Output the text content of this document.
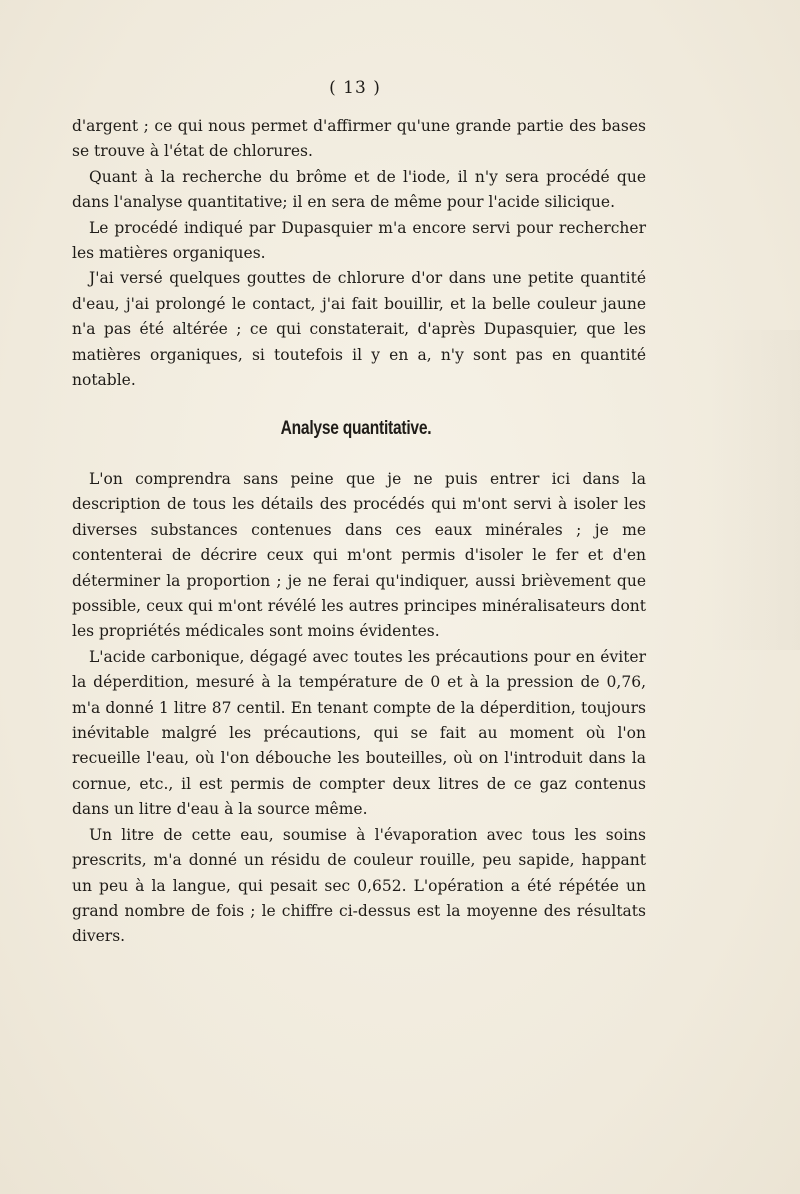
( 13 )

d'argent ; ce qui nous permet d'affirmer qu'une grande partie des bases se trouve à l'état de chlorures.

Quant à la recherche du brôme et de l'iode, il n'y sera procédé que dans l'analyse quantitative; il en sera de même pour l'acide silicique.

Le procédé indiqué par Dupasquier m'a encore servi pour rechercher les matières organiques.

J'ai versé quelques gouttes de chlorure d'or dans une petite quantité d'eau, j'ai prolongé le contact, j'ai fait bouillir, et la belle couleur jaune n'a pas été altérée ; ce qui constaterait, d'après Dupasquier, que les matières organiques, si toutefois il y en a, n'y sont pas en quantité notable.

Analyse quantitative.

L'on comprendra sans peine que je ne puis entrer ici dans la description de tous les détails des procédés qui m'ont servi à isoler les diverses substances contenues dans ces eaux minérales ; je me contenterai de décrire ceux qui m'ont permis d'isoler le fer et d'en déterminer la proportion ; je ne ferai qu'indiquer, aussi brièvement que possible, ceux qui m'ont révélé les autres principes minéralisateurs dont les propriétés médicales sont moins évidentes.

L'acide carbonique, dégagé avec toutes les précautions pour en éviter la déperdition, mesuré à la température de 0 et à la pression de 0,76, m'a donné 1 litre 87 centil. En tenant compte de la déperdition, toujours inévitable malgré les précautions, qui se fait au moment où l'on recueille l'eau, où l'on débouche les bouteilles, où on l'introduit dans la cornue, etc., il est permis de compter deux litres de ce gaz contenus dans un litre d'eau à la source même.

Un litre de cette eau, soumise à l'évaporation avec tous les soins prescrits, m'a donné un résidu de couleur rouille, peu sapide, happant un peu à la langue, qui pesait sec 0,652. L'opération a été répétée un grand nombre de fois ; le chiffre ci-dessus est la moyenne des résultats divers.
